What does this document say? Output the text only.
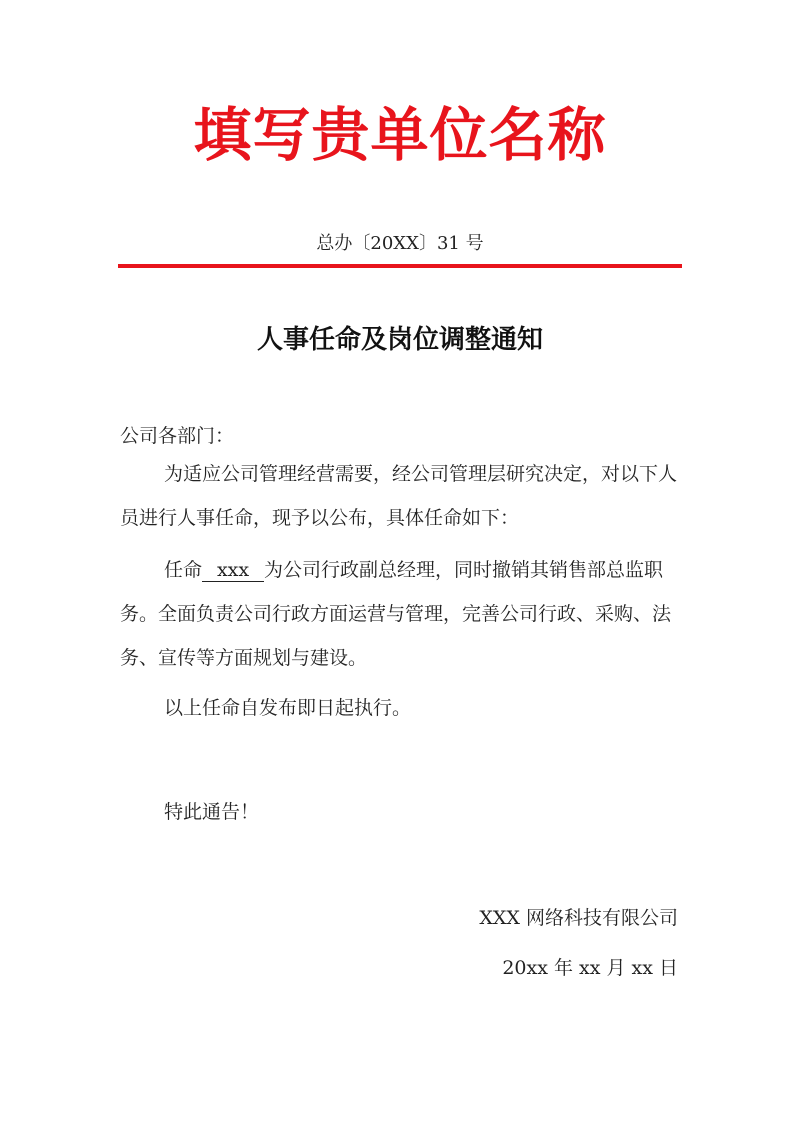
填写贵单位名称
总办〔20XX〕31 号
人事任命及岗位调整通知

公司各部门：

为适应公司管理经营需要，经公司管理层研究决定，对以下人员进行人事任命，现予以公布，具体任命如下：

任命 xxx 为公司行政副总经理，同时撤销其销售部总监职务。全面负责公司行政方面运营与管理，完善公司行政、采购、法务、宣传等方面规划与建设。

以上任命自发布即日起执行。

特此通告！

XXX 网络科技有限公司
20xx 年 xx 月 xx 日
